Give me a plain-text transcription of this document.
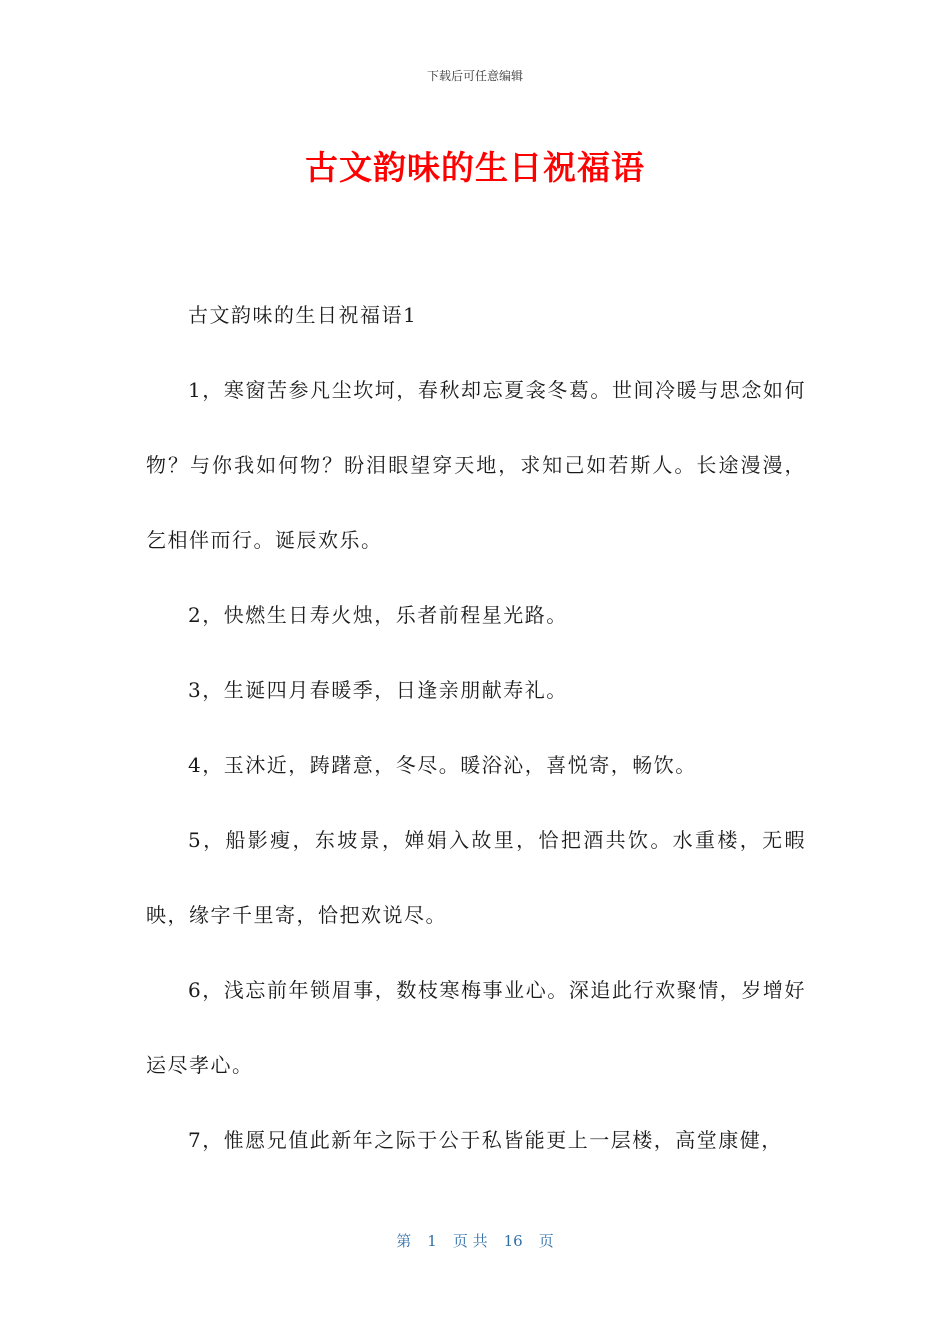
下载后可任意编辑
古文韵味的生日祝福语

古文韵味的生日祝福语1

1，寒窗苦参凡尘坎坷，春秋却忘夏衾冬葛。世间冷暖与思念如何物？与你我如何物？盼泪眼望穿天地，求知己如若斯人。长途漫漫，乞相伴而行。诞辰欢乐。

2，快燃生日寿火烛，乐者前程星光路。

3，生诞四月春暖季，日逢亲朋献寿礼。

4，玉沐近，踌躇意，冬尽。暖浴沁，喜悦寄，畅饮。

5，船影瘦，东坡景，婵娟入故里，恰把酒共饮。水重楼，无暇映，缘字千里寄，恰把欢说尽。

6，浅忘前年锁眉事，数枝寒梅事业心。深追此行欢聚情，岁增好运尽孝心。

7，惟愿兄值此新年之际于公于私皆能更上一层楼，高堂康健，

第 1 页 共 16 页
